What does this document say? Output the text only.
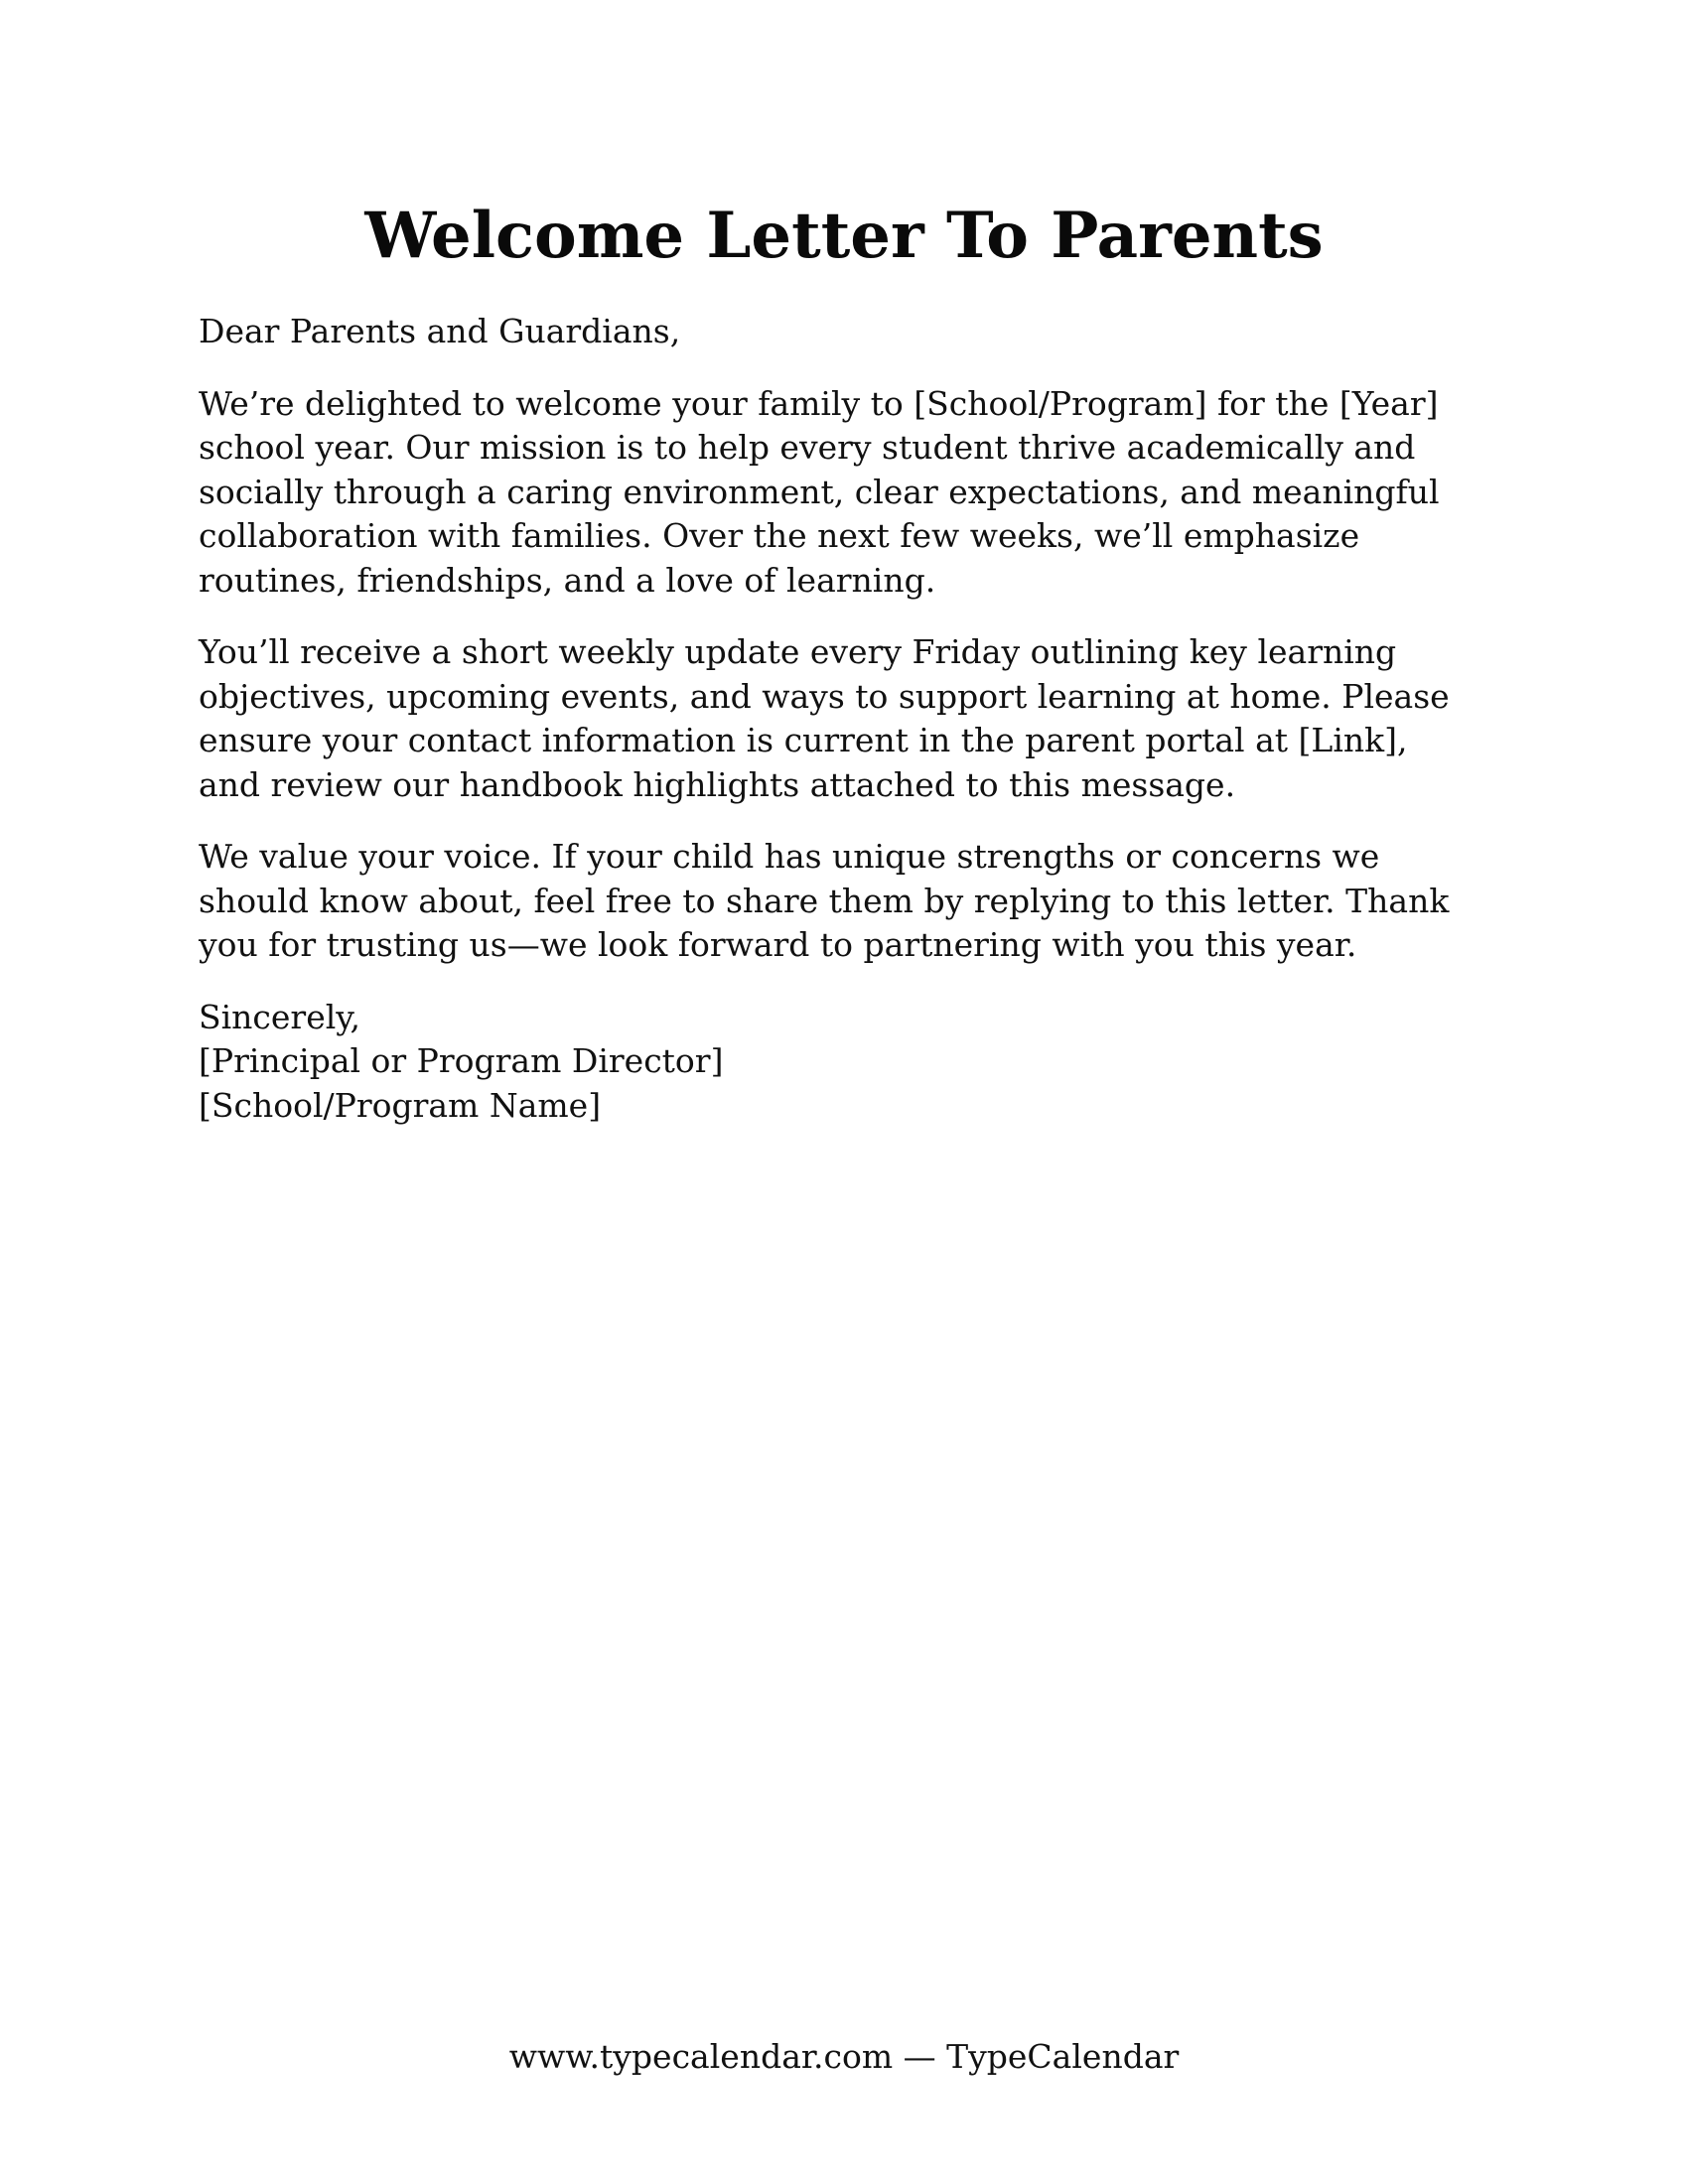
Welcome Letter To Parents

Dear Parents and Guardians,

We’re delighted to welcome your family to [School/Program] for the [Year]
school year. Our mission is to help every student thrive academically and
socially through a caring environment, clear expectations, and meaningful
collaboration with families. Over the next few weeks, we’ll emphasize
routines, friendships, and a love of learning.

You’ll receive a short weekly update every Friday outlining key learning
objectives, upcoming events, and ways to support learning at home. Please
ensure your contact information is current in the parent portal at [Link],
and review our handbook highlights attached to this message.

We value your voice. If your child has unique strengths or concerns we
should know about, feel free to share them by replying to this letter. Thank
you for trusting us—we look forward to partnering with you this year.

Sincerely,

[Principal or Program Director]

[School/Program Name]

www.typecalendar.com — TypeCalendar
